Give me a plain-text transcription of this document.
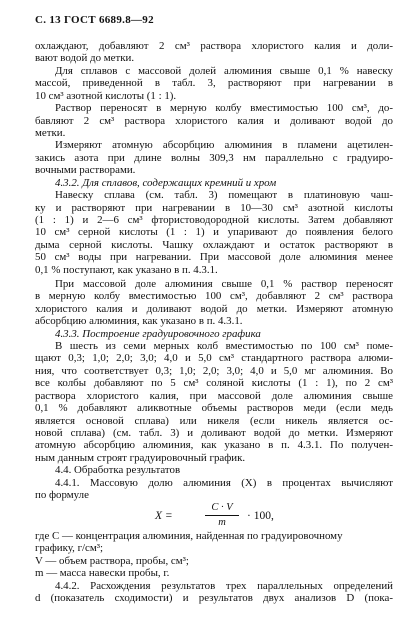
С. 13 ГОСТ 6689.8—92
охлаждают, добавляют 2 см³ раствора хлористого калия и доли-
вают водой до метки.
Для сплавов с массовой долей алюминия свыше 0,1 % навеску
массой, приведенной в табл. 3, растворяют при нагревании в
10 см³ азотной кислоты (1 : 1).
Раствор переносят в мерную колбу вместимостью 100 см³, до-
бавляют 2 см³ раствора хлористого калия и доливают водой до
метки.
Измеряют атомную абсорбцию алюминия в пламени ацетилен-
закись азота при длине волны 309,3 нм параллельно с градуиро-
вочными растворами.
4.3.2. Для сплавов, содержащих кремний и хром
Навеску сплава (см. табл. 3) помещают в платиновую чаш-
ку и растворяют при нагревании в 10—30 см³ азотной кислоты
(1 : 1) и 2—6 см³ фтористоводородной кислоты. Затем добавляют
10 см³ серной кислоты (1 : 1) и упаривают до появления белого
дыма серной кислоты. Чашку охлаждают и остаток растворяют в
50 см³ воды при нагревании. При массовой доле алюминия менее
0,1 % поступают, как указано в п. 4.3.1.
При массовой доле алюминия свыше 0,1 % раствор переносят
в мерную колбу вместимостью 100 см³, добавляют 2 см³ раствора
хлористого калия и доливают водой до метки. Измеряют атомную
абсорбцию алюминия, как указано в п. 4.3.1.
4.3.3. Построение градуировочного графика
В шесть из семи мерных колб вместимостью по 100 см³ поме-
щают 0,3; 1,0; 2,0; 3,0; 4,0 и 5,0 см³ стандартного раствора алюми-
ния, что соответствует 0,3; 1,0; 2,0; 3,0; 4,0 и 5,0 мг алюминия. Во
все колбы добавляют по 5 см³ соляной кислоты (1 : 1), по 2 см³
раствора хлористого калия, при массовой доле алюминия свыше
0,1 % добавляют аликвотные объемы растворов меди (если медь
является основой сплава) или никеля (если никель является ос-
новой сплава) (см. табл. 3) и доливают водой до метки. Измеряют
атомную абсорбцию алюминия, как указано в п. 4.3.1. По получен-
ным данным строят градуировочный график.
4.4. Обработка результатов
4.4.1. Массовую долю алюминия (X) в процентах вычисляют
по формуле
X =
C · V
m
· 100,
где C — концентрация алюминия, найденная по градуировочному
графику, г/см³;
V — объем раствора, пробы, см³;
m — масса навески пробы, г.
4.4.2. Расхождения результатов трех параллельных определений
d (показатель сходимости) и результатов двух анализов D (пока-
